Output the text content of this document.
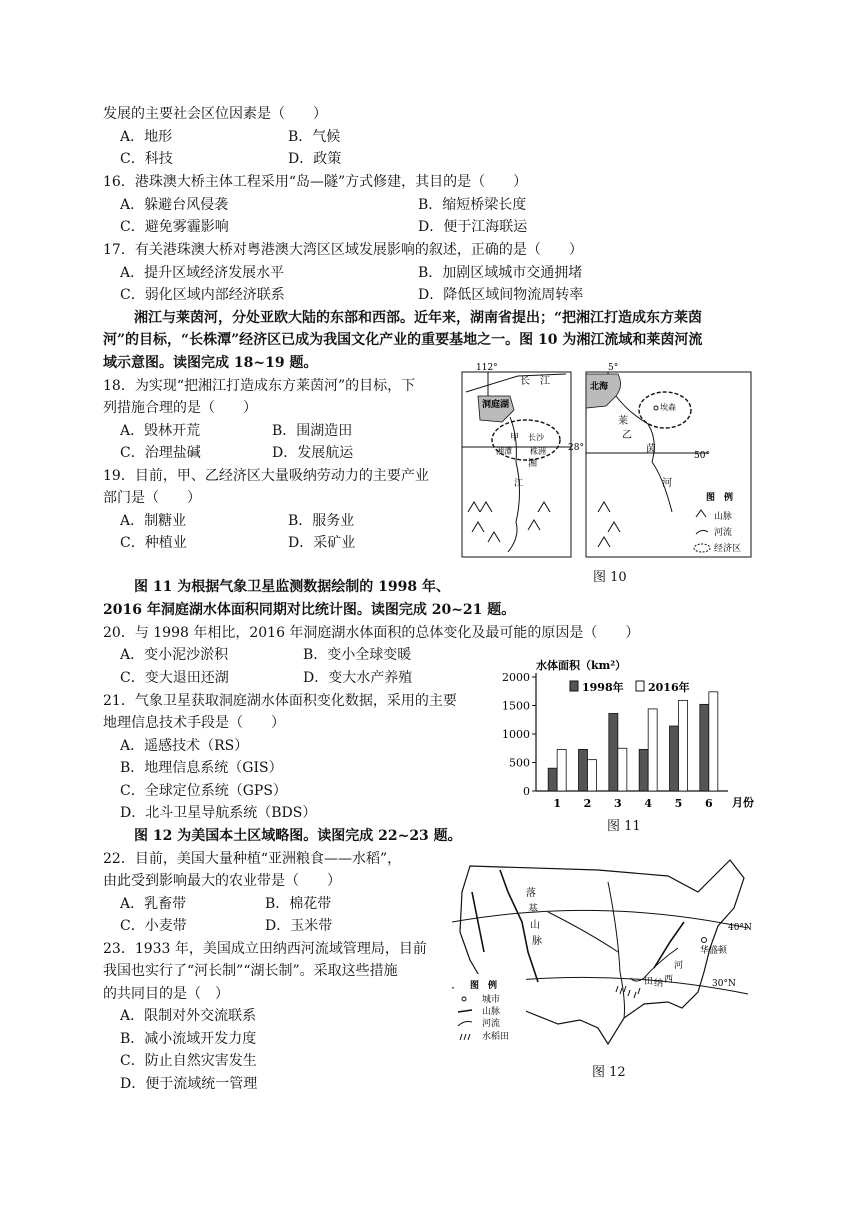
发展的主要社会区位因素是（　　）
A．地形	B．气候
C．科技	D．政策
16．港珠澳大桥主体工程采用“岛—隧”方式修建，其目的是（　　）
A．躲避台风侵袭	B．缩短桥梁长度
C．避免雾霾影响	D．便于江海联运
17．有关港珠澳大桥对粤港澳大湾区区域发展影响的叙述，正确的是（　　）
A．提升区域经济发展水平	B．加剧区域城市交通拥堵
C．弱化区域内部经济联系	D．降低区域间物流周转率
湘江与莱茵河，分处亚欧大陆的东部和西部。近年来，湖南省提出；“把湘江打造成东方莱茵
河”的目标，“长株潭”经济区已成为我国文化产业的重要基地之一。图 10 为湘江流域和莱茵河流
域示意图。读图完成 18~19 题。
18．为实现“把湘江打造成东方莱茵河”的目标，下
列措施合理的是（　　）
A．毁林开荒	B．围湖造田
C．治理盐碱	D．发展航运
19．目前，甲、乙经济区大量吸纳劳动力的主要产业
部门是（　　）
A．制糖业	B．服务业
C．种植业	D．采矿业
112°	5°
28°
50°
长　江
洞庭湖
甲 长沙
湘潭 株洲
湘
江
北海
莱
乙
埃森
茵
河
图　例
山脉
河流
经济区
图 10
图 11 为根据气象卫星监测数据绘制的 1998 年、
2016 年洞庭湖水体面积同期对比统计图。读图完成 20~21 题。
20．与 1998 年相比，2016 年洞庭湖水体面积的总体变化及最可能的原因是（　　）
A．变小泥沙淤积	B．变小全球变暖
C．变大退田还湖	D．变大水产养殖
21．气象卫星获取洞庭湖水体面积变化数据，采用的主要
地理信息技术手段是（　　）
A．遥感技术（RS）
B．地理信息系统（GIS）
C．全球定位系统（GPS）
D．北斗卫星导航系统（BDS）
0
500
1000
1500
2000
水体面积（km²）
月份
1998年 2016年
1 2 3 4 5 6
图 11
图 12 为美国本土区域略图。读图完成 22~23 题。
22．目前，美国大量种植“亚洲粮食——水稻”，
由此受到影响最大的农业带是（　　）
A．乳畜带	B．棉花带
C．小麦带	D．玉米带
23．1933 年，美国成立田纳西河流域管理局，目前
我国也实行了“河长制”“湖长制”。采取这些措施
的共同目的是（　）
A．限制对外交流联系
B．减小流域开发力度
C．防止自然灾害发生
D．便于流域统一管理
40°N
30°N
落
基
山
脉
田 纳 西
河
华盛顿
图　例
城市
山脉
河流
水稻田
图 12
